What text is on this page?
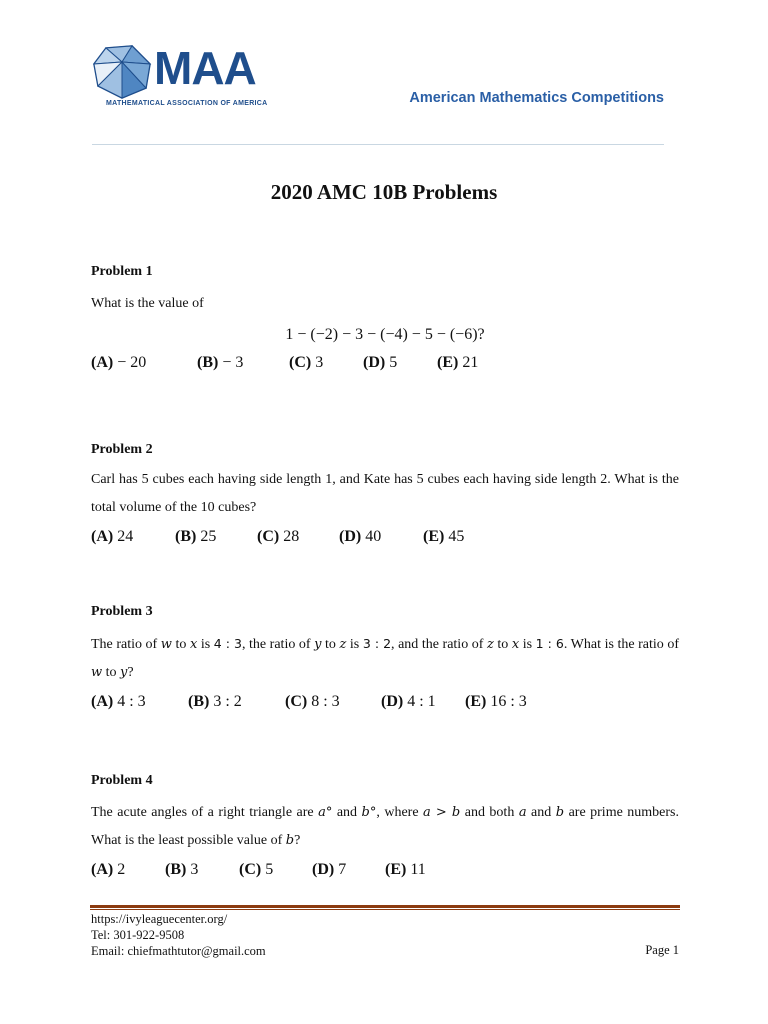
MAA
MATHEMATICAL ASSOCIATION OF AMERICA	American Mathematics Competitions
2020 AMC 10B Problems

Problem 1

What is the value of

1 − (−2) − 3 − (−4) − 5 − (−6)?

(A) − 20	(B) − 3	(C) 3	(D) 5	(E) 21

Problem 2

Carl has 5 cubes each having side length 1, and Kate has 5 cubes each having side length 2. What is the total volume of the 10 cubes?

(A) 24	(B) 25	(C) 28	(D) 40	(E) 45

Problem 3

The ratio of w to x is 4 : 3, the ratio of y to z is 3 : 2, and the ratio of z to x is 1 : 6. What is the ratio of w to y?

(A) 4 : 3	(B) 3 : 2	(C) 8 : 3	(D) 4 : 1	(E) 16 : 3

Problem 4

The acute angles of a right triangle are a° and b°, where a > b and both a and b are prime numbers. What is the least possible value of b?

(A) 2	(B) 3	(C) 5	(D) 7	(E) 11
https://ivyleaguecenter.org/
Tel: 301-922-9508
Email: chiefmathtutor@gmail.com	Page 1
